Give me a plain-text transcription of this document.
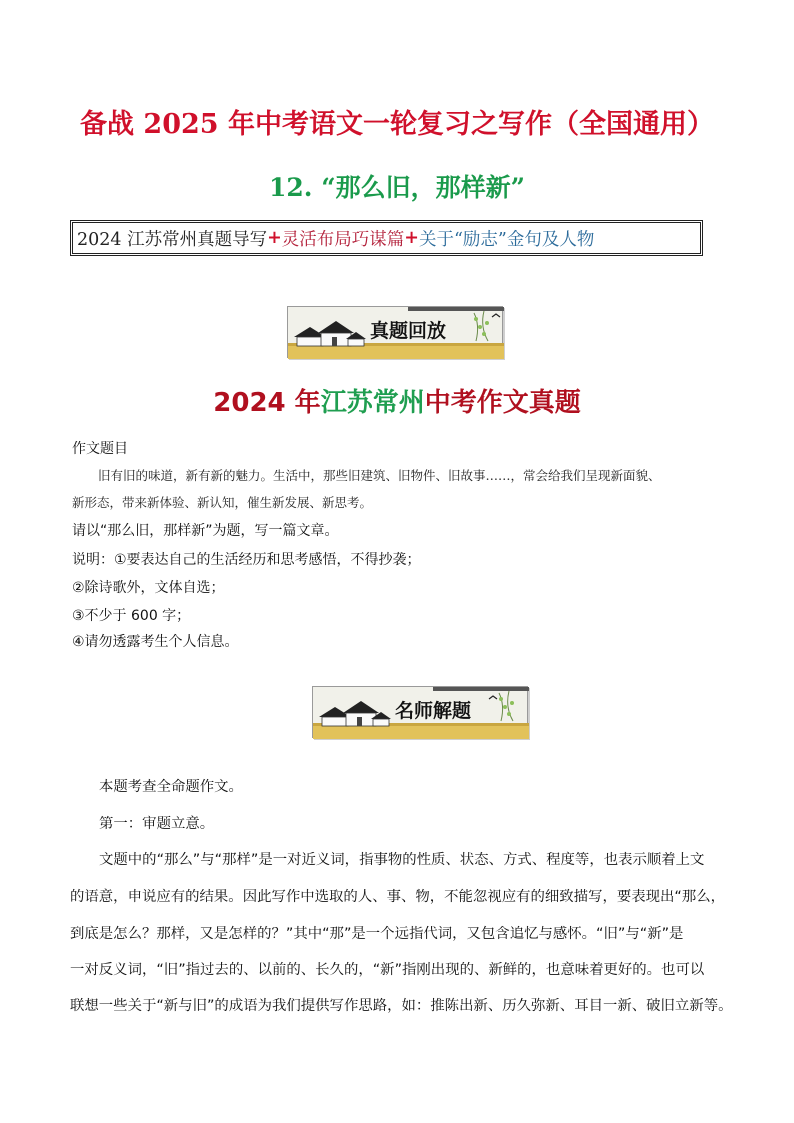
备战 2025 年中考语文一轮复习之写作（全国通用）
12. “那么旧，那样新”
2024 江苏常州真题导写 + 灵活布局巧谋篇 + 关于“励志”金句及人物
真题回放
2024 年江苏常州中考作文真题
作文题目
旧有旧的味道，新有新的魅力。生活中，那些旧建筑、旧物件、旧故事……，常会给我们呈现新面貌、
新形态，带来新体验、新认知，催生新发展、新思考。
请以“那么旧，那样新”为题，写一篇文章。
说明：①要表达自己的生活经历和思考感悟，不得抄袭；
②除诗歌外，文体自选；
③不少于 600 字；
④请勿透露考生个人信息。
名师解题
本题考查全命题作文。
第一：审题立意。
文题中的“那么”与“那样”是一对近义词，指事物的性质、状态、方式、程度等，也表示顺着上文
的语意，申说应有的结果。因此写作中选取的人、事、物，不能忽视应有的细致描写，要表现出“那么，
到底是怎么？那样，又是怎样的？”其中“那”是一个远指代词，又包含追忆与感怀。“旧”与“新”是
一对反义词，“旧”指过去的、以前的、长久的，“新”指刚出现的、新鲜的，也意味着更好的。也可以
联想一些关于“新与旧”的成语为我们提供写作思路，如：推陈出新、历久弥新、耳目一新、破旧立新等。
